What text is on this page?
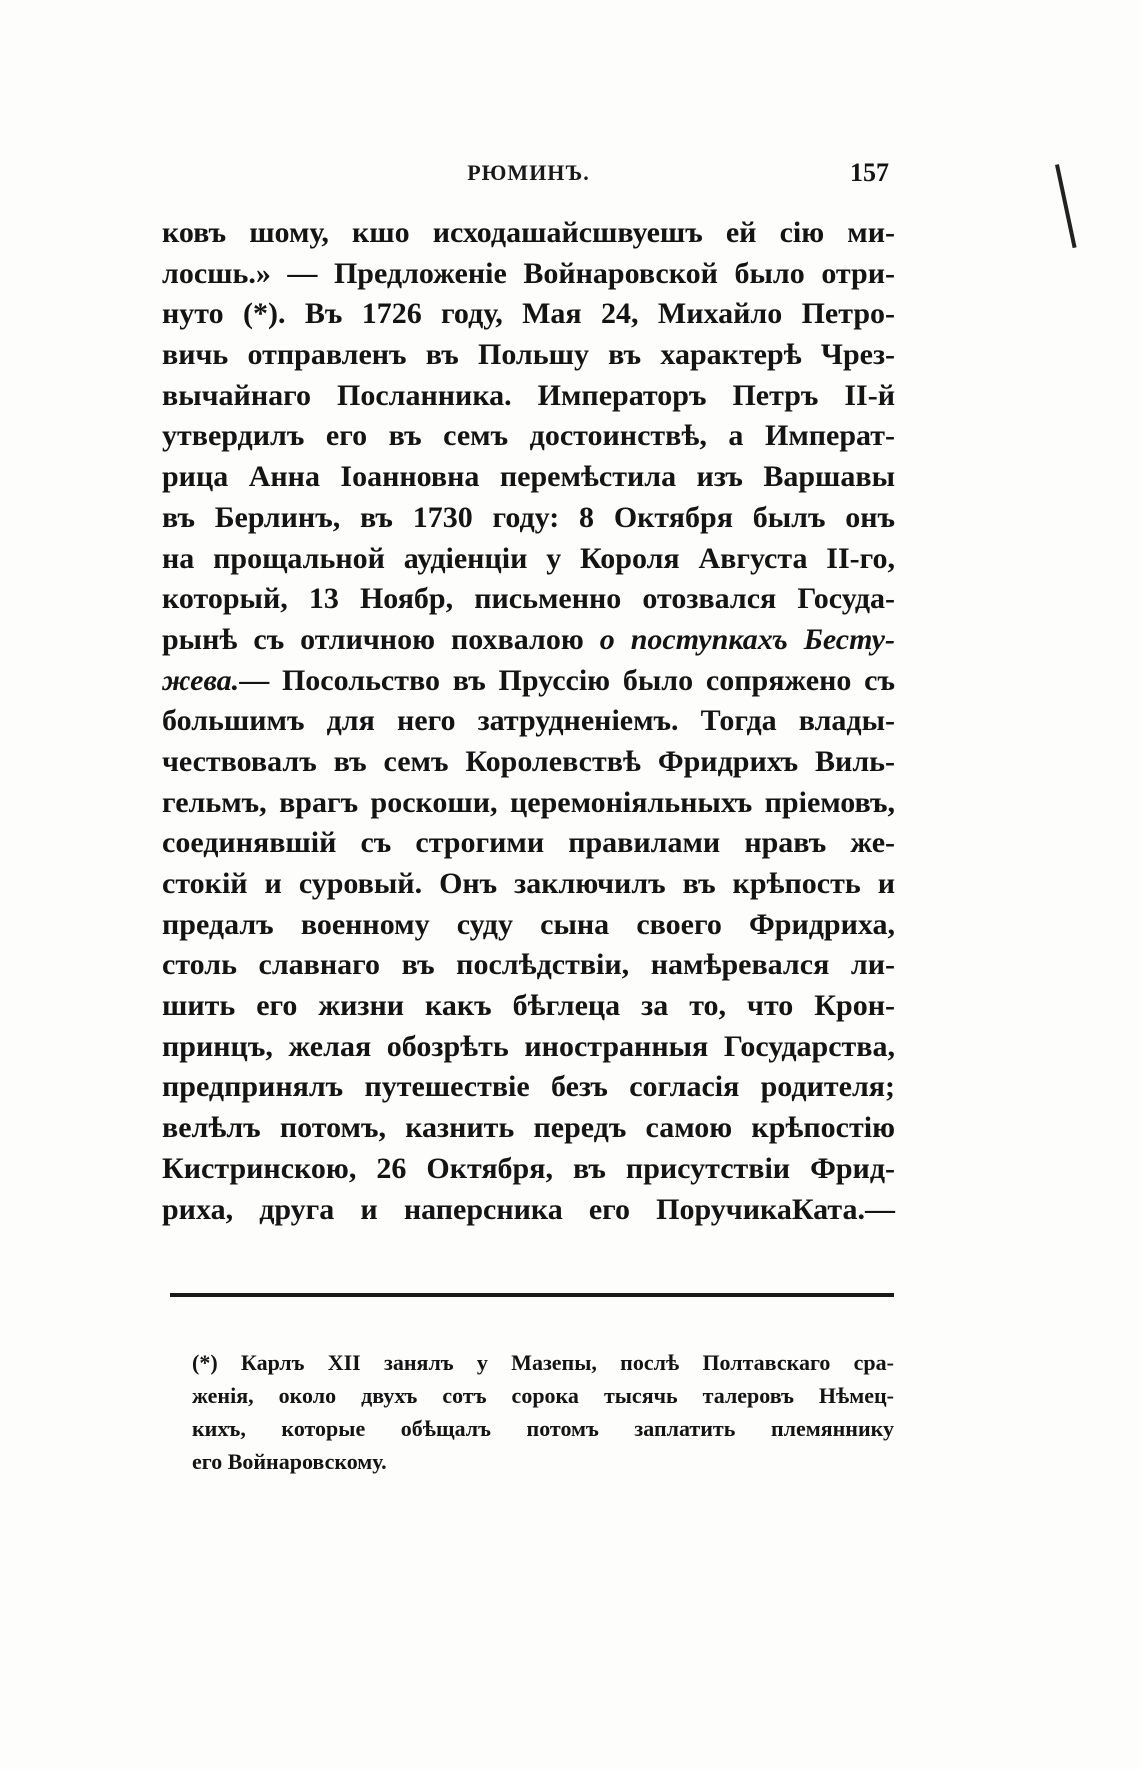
РЮМИНЪ.	157
ковъ шому, кшо исходашайсшвуешъ ей сію ми-
лосшь.» — Предложеніе Войнаровской было отри-
нуто (*). Въ 1726 году, Мая 24, Михайло Петро-
вичь отправленъ въ Польшу въ характерѣ Чрез-
вычайнаго Посланника. Императоръ Петръ II-й
утвердилъ его въ семъ достоинствѣ, а Императ-
рица Анна Іоанновна перемѣстила изъ Варшавы
въ Берлинъ, въ 1730 году: 8 Октября былъ онъ
на прощальной аудіенціи у Короля Августа II-го,
который, 13 Ноябр, письменно отозвался Госуда-
рынѣ съ отличною похвалою о поступкахъ Бесту-
жева.— Посольство въ Пруссію было сопряжено съ
большимъ для него затрудненіемъ. Тогда влады-
чествовалъ въ семъ Королевствѣ Фридрихъ Виль-
гельмъ, врагъ роскоши, церемоніяльныхъ пріемовъ,
соединявшій съ строгими правилами нравъ же-
стокій и суровый. Онъ заключилъ въ крѣпость и
предалъ военному суду сына своего Фридриха,
столь славнаго въ послѣдствіи, намѣревался ли-
шить его жизни какъ бѣглеца за то, что Крон-
принцъ, желая обозрѣть иностранныя Государства,
предпринялъ путешествіе безъ согласія родителя;
велѣлъ потомъ, казнить передъ самою крѣпостію
Кистринскою, 26 Октября, въ присутствіи Фрид-
риха, друга и наперсника его ПоручикаКата.—
(*) Карлъ XII занялъ у Мазепы, послѣ Полтавскаго сра-
женія, около двухъ сотъ сорока тысячь талеровъ Нѣмец-
кихъ, которые обѣщалъ потомъ заплатить племяннику
его Войнаровскому.
